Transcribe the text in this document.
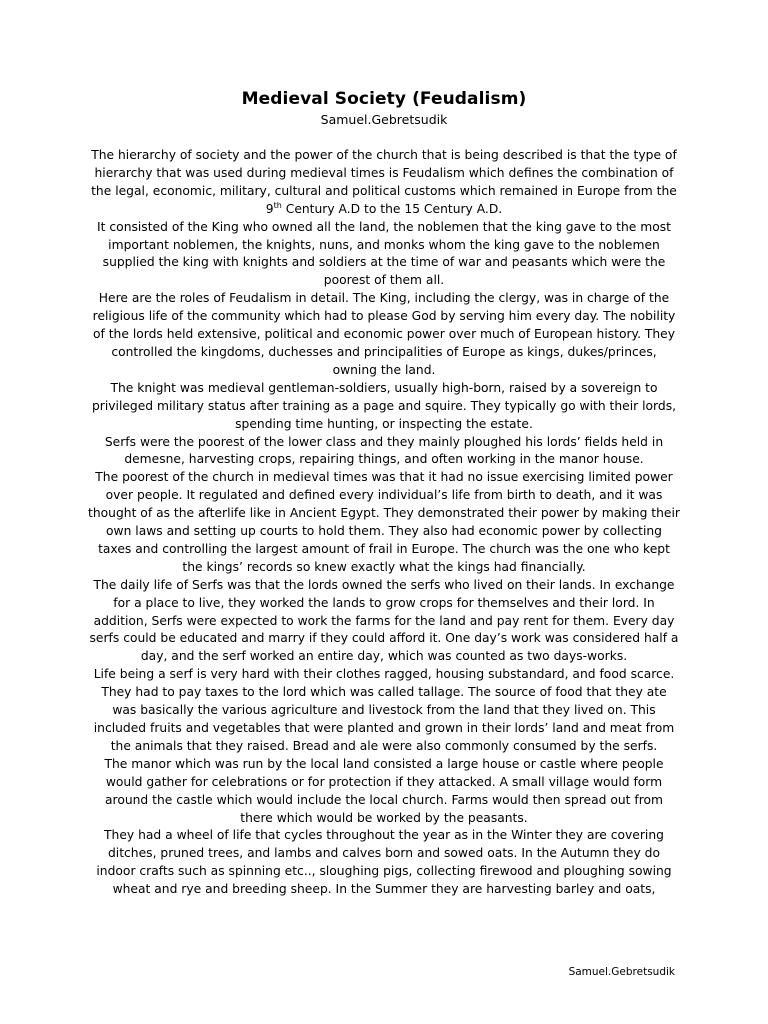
Medieval Society (Feudalism)
Samuel.Gebretsudik

The hierarchy of society and the power of the church that is being described is that the type of hierarchy that was used during medieval times is Feudalism which defines the combination of the legal, economic, military, cultural and political customs which remained in Europe from the 9th Century A.D to the 15 Century A.D.

It consisted of the King who owned all the land, the noblemen that the king gave to the most important noblemen, the knights, nuns, and monks whom the king gave to the noblemen supplied the king with knights and soldiers at the time of war and peasants which were the poorest of them all.

Here are the roles of Feudalism in detail. The King, including the clergy, was in charge of the religious life of the community which had to please God by serving him every day. The nobility of the lords held extensive, political and economic power over much of European history. They controlled the kingdoms, duchesses and principalities of Europe as kings, dukes/princes, owning the land.

The knight was medieval gentleman-soldiers, usually high-born, raised by a sovereign to privileged military status after training as a page and squire. They typically go with their lords, spending time hunting, or inspecting the estate.

Serfs were the poorest of the lower class and they mainly ploughed his lords’ fields held in demesne, harvesting crops, repairing things, and often working in the manor house.

The poorest of the church in medieval times was that it had no issue exercising limited power over people. It regulated and defined every individual’s life from birth to death, and it was thought of as the afterlife like in Ancient Egypt. They demonstrated their power by making their own laws and setting up courts to hold them. They also had economic power by collecting taxes and controlling the largest amount of frail in Europe. The church was the one who kept the kings’ records so knew exactly what the kings had financially.

The daily life of Serfs was that the lords owned the serfs who lived on their lands. In exchange for a place to live, they worked the lands to grow crops for themselves and their lord. In addition, Serfs were expected to work the farms for the land and pay rent for them. Every day serfs could be educated and marry if they could afford it. One day’s work was considered half a day, and the serf worked an entire day, which was counted as two days-works.

Life being a serf is very hard with their clothes ragged, housing substandard, and food scarce. They had to pay taxes to the lord which was called tallage. The source of food that they ate was basically the various agriculture and livestock from the land that they lived on. This included fruits and vegetables that were planted and grown in their lords’ land and meat from the animals that they raised. Bread and ale were also commonly consumed by the serfs.

The manor which was run by the local land consisted a large house or castle where people would gather for celebrations or for protection if they attacked. A small village would form around the castle which would include the local church. Farms would then spread out from there which would be worked by the peasants.

They had a wheel of life that cycles throughout the year as in the Winter they are covering ditches, pruned trees, and lambs and calves born and sowed oats. In the Autumn they do indoor crafts such as spinning etc.., sloughing pigs, collecting firewood and ploughing sowing wheat and rye and breeding sheep. In the Summer they are harvesting barley and oats,

Samuel.Gebretsudik
